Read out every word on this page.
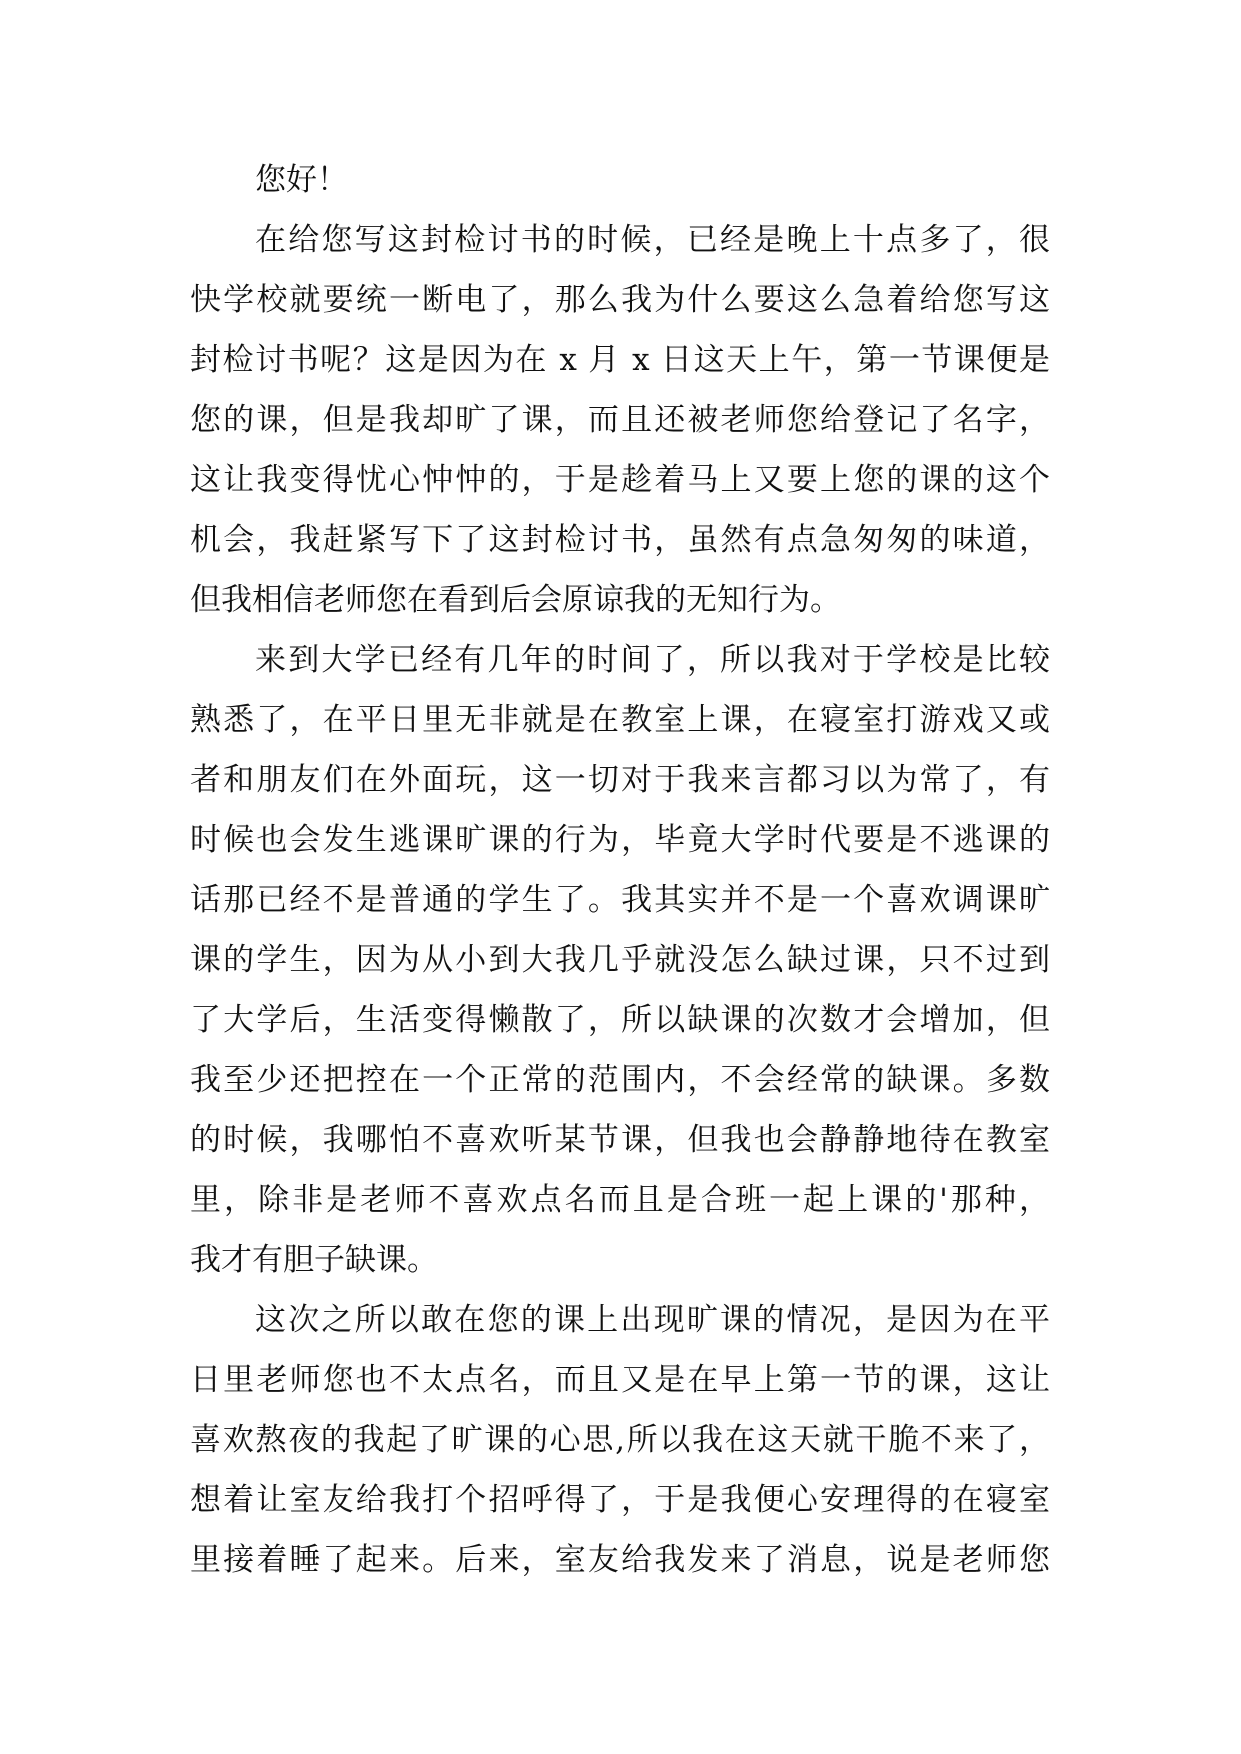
您好！
在给您写这封检讨书的时候，已经是晚上十点多了，很
快学校就要统一断电了，那么我为什么要这么急着给您写这
封检讨书呢？这是因为在 x 月 x 日这天上午，第一节课便是
您的课，但是我却旷了课，而且还被老师您给登记了名字，
这让我变得忧心忡忡的，于是趁着马上又要上您的课的这个
机会，我赶紧写下了这封检讨书，虽然有点急匆匆的味道，
但我相信老师您在看到后会原谅我的无知行为。
来到大学已经有几年的时间了，所以我对于学校是比较
熟悉了，在平日里无非就是在教室上课，在寝室打游戏又或
者和朋友们在外面玩，这一切对于我来言都习以为常了，有
时候也会发生逃课旷课的行为，毕竟大学时代要是不逃课的
话那已经不是普通的学生了。我其实并不是一个喜欢调课旷
课的学生，因为从小到大我几乎就没怎么缺过课，只不过到
了大学后，生活变得懒散了，所以缺课的次数才会增加，但
我至少还把控在一个正常的范围内，不会经常的缺课。多数
的时候，我哪怕不喜欢听某节课，但我也会静静地待在教室
里，除非是老师不喜欢点名而且是合班一起上课的'那种，
我才有胆子缺课。
这次之所以敢在您的课上出现旷课的情况，是因为在平
日里老师您也不太点名，而且又是在早上第一节的课，这让
喜欢熬夜的我起了旷课的心思,所以我在这天就干脆不来了，
想着让室友给我打个招呼得了，于是我便心安理得的在寝室
里接着睡了起来。后来，室友给我发来了消息，说是老师您
